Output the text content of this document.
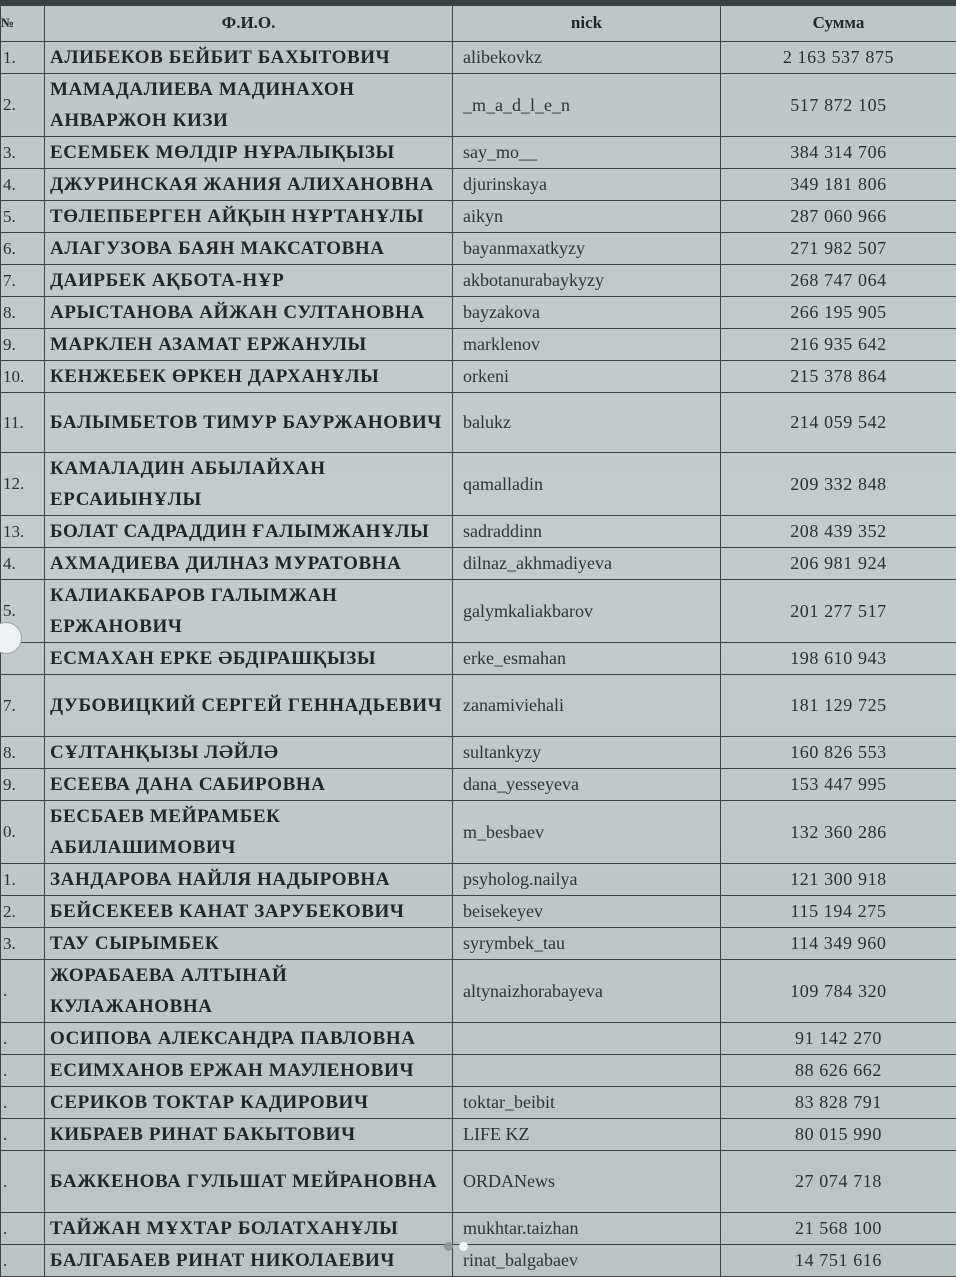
№	Ф.И.О.	nick	Сумма
1.	АЛИБЕКОВ БЕЙБИТ БАХЫТОВИЧ	alibekovkz	2 163 537 875
2.	МАМАДАЛИЕВА МАДИНАХОН АНВАРЖОН КИЗИ	_m_a_d_l_e_n	517 872 105
3.	ЕСЕМБЕК МӨЛДІР НҰРАЛЫҚЫЗЫ	say_mo__	384 314 706
4.	ДЖУРИНСКАЯ ЖАНИЯ АЛИХАНОВНА	djurinskaya	349 181 806
5.	ТӨЛЕПБЕРГЕН АЙҚЫН НҰРТАНҰЛЫ	aikyn	287 060 966
6.	АЛАГУЗОВА БАЯН МАКСАТОВНА	bayanmaxatkyzy	271 982 507
7.	ДАИРБЕК АҚБОТА-НҰР	akbotanurabaykyzy	268 747 064
8.	АРЫСТАНОВА АЙЖАН СУЛТАНОВНА	bayzakova	266 195 905
9.	МАРКЛЕН АЗАМАТ ЕРЖАНУЛЫ	marklenov	216 935 642
10.	КЕНЖЕБЕК ӨРКЕН ДАРХАНҰЛЫ	orkeni	215 378 864
11.	БАЛЫМБЕТОВ ТИМУР БАУРЖАНОВИЧ	balukz	214 059 542
12.	КАМАЛАДИН АБЫЛАЙХАН ЕРСАИЫНҰЛЫ	qamalladin	209 332 848
13.	БОЛАТ САДРАДДИН ҒАЛЫМЖАНҰЛЫ	sadraddinn	208 439 352
4.	АХМАДИЕВА ДИЛНАЗ МУРАТОВНА	dilnaz_akhmadiyeva	206 981 924
5.	КАЛИАКБАРОВ ГАЛЫМЖАН ЕРЖАНОВИЧ	galymkaliakbarov	201 277 517
	ЕСМАХАН ЕРКЕ ӘБДІРАШҚЫЗЫ	erke_esmahan	198 610 943
7.	ДУБОВИЦКИЙ СЕРГЕЙ ГЕННАДЬЕВИЧ	zanamiviehali	181 129 725
8.	СҰЛТАНҚЫЗЫ ЛӘЙЛӘ	sultankyzy	160 826 553
9.	ЕСЕЕВА ДАНА САБИРОВНА	dana_yesseyeva	153 447 995
0.	БЕСБАЕВ МЕЙРАМБЕК АБИЛАШИМОВИЧ	m_besbaev	132 360 286
1.	ЗАНДАРОВА НАЙЛЯ НАДЫРОВНА	psyholog.nailya	121 300 918
2.	БЕЙСЕКЕЕВ КАНАТ ЗАРУБЕКОВИЧ	beisekeyev	115 194 275
3.	ТАУ СЫРЫМБЕК	syrymbek_tau	114 349 960
.	ЖОРАБАЕВА АЛТЫНАЙ КУЛАЖАНОВНА	altynaizhorabayeva	109 784 320
.	ОСИПОВА АЛЕКСАНДРА ПАВЛОВНА		91 142 270
.	ЕСИМХАНОВ ЕРЖАН МАУЛЕНОВИЧ		88 626 662
.	СЕРИКОВ ТОКТАР КАДИРОВИЧ	toktar_beibit	83 828 791
.	КИБРАЕВ РИНАТ БАКЫТОВИЧ	LIFE KZ	80 015 990
.	БАЖКЕНОВА ГУЛЬШАТ МЕЙРАНОВНА	ORDANews	27 074 718
.	ТАЙЖАН МҰХТАР БОЛАТХАНҰЛЫ	mukhtar.taizhan	21 568 100
.	БАЛГАБАЕВ РИНАТ НИКОЛАЕВИЧ	rinat_balgabaev	14 751 616
